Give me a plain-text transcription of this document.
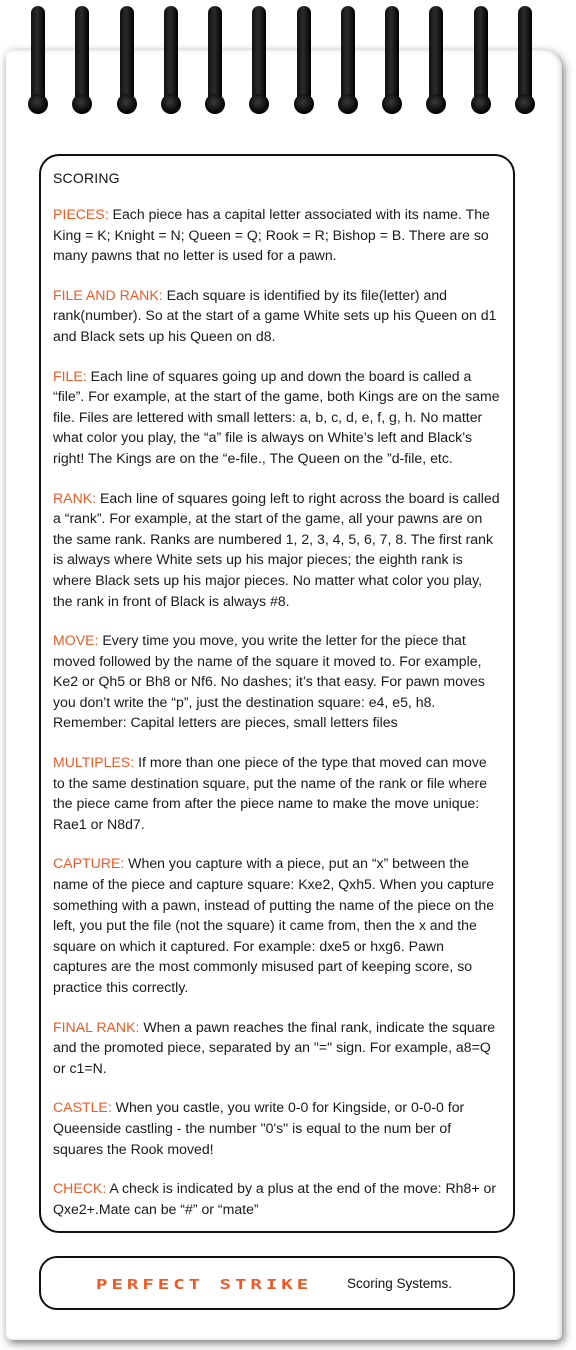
SCORING
PIECES: Each piece has a capital letter associated with its name. The King = K; Knight = N; Queen = Q; Rook = R; Bishop = B. There are so many pawns that no letter is used for a pawn.
FILE AND RANK: Each square is identified by its file(letter) and rank(number). So at the start of a game White sets up his Queen on d1 and Black sets up his Queen on d8.
FILE: Each line of squares going up and down the board is called a “file”. For example, at the start of the game, both Kings are on the same file. Files are lettered with small letters: a, b, c, d, e, f, g, h. No matter what color you play, the “a” file is always on White’s left and Black’s right! The Kings are on the “e-file., The Queen on the ”d-file, etc.
RANK: Each line of squares going left to right across the board is called a “rank”. For example, at the start of the game, all your pawns are on the same rank. Ranks are numbered 1, 2, 3, 4, 5, 6, 7, 8. The first rank is always where White sets up his major pieces; the eighth rank is where Black sets up his major pieces. No matter what color you play, the rank in front of Black is always #8.
MOVE: Every time you move, you write the letter for the piece that moved followed by the name of the square it moved to. For example, Ke2 or Qh5 or Bh8 or Nf6. No dashes; it’s that easy. For pawn moves you don’t write the “p”, just the destination square: e4, e5, h8. Remember: Capital letters are pieces, small letters files
MULTIPLES: If more than one piece of the type that moved can move to the same destination square, put the name of the rank or file where the piece came from after the piece name to make the move unique: Rae1 or N8d7.
CAPTURE: When you capture with a piece, put an “x” between the name of the piece and capture square: Kxe2, Qxh5. When you capture something with a pawn, instead of putting the name of the piece on the left, you put the file (not the square) it came from, then the x and the square on which it captured. For example: dxe5 or hxg6. Pawn captures are the most commonly misused part of keeping score, so practice this correctly.
FINAL RANK: When a pawn reaches the final rank, indicate the square and the promoted piece, separated by an "=" sign. For example, a8=Q or c1=N.
CASTLE: When you castle, you write 0-0 for Kingside, or 0-0-0 for Queenside castling - the number "0's" is equal to the num ber of squares the Rook moved!
CHECK: A check is indicated by a plus at the end of the move: Rh8+ or Qxe2+.Mate can be “#” or “mate”
PERFECT STRIKE	Scoring Systems.
